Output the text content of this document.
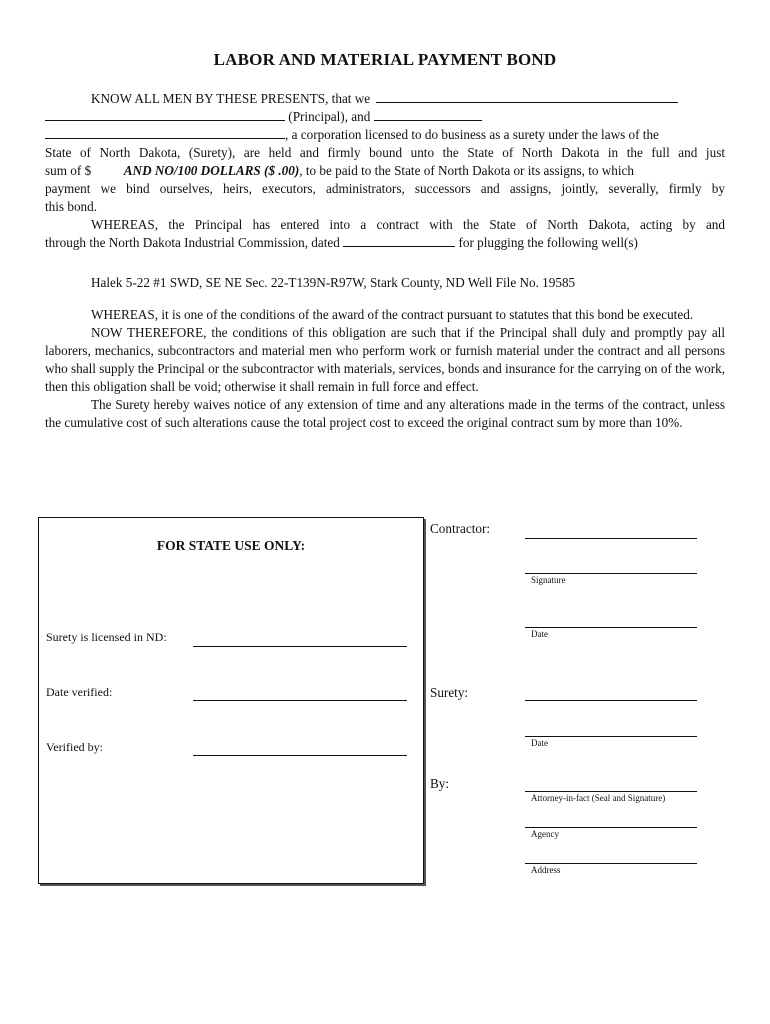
LABOR AND MATERIAL PAYMENT BOND
KNOW ALL MEN BY THESE PRESENTS, that we
(Principal), and
, a corporation licensed to do business as a surety under the laws of the
State of North Dakota, (Surety), are held and firmly bound unto the State of North Dakota in the full and just
sum of $ AND NO/100 DOLLARS ($ .00), to be paid to the State of North Dakota or its assigns, to which
payment we bind ourselves, heirs, executors, administrators, successors and assigns, jointly, severally, firmly by
this bond.
WHEREAS, the Principal has entered into a contract with the State of North Dakota, acting by and
through the North Dakota Industrial Commission, dated	for plugging the following well(s)

Halek 5-22 #1 SWD, SE NE Sec. 22-T139N-R97W, Stark County, ND Well File No. 19585

WHEREAS, it is one of the conditions of the award of the contract pursuant to statutes that this bond be executed.

NOW THEREFORE, the conditions of this obligation are such that if the Principal shall duly and promptly pay all laborers, mechanics, subcontractors and material men who perform work or furnish material under the contract and all persons who shall supply the Principal or the subcontractor with materials, services, bonds and insurance for the carrying on of the work, then this obligation shall be void; otherwise it shall remain in full force and effect.

The Surety hereby waives notice of any extension of time and any alterations made in the terms of the contract, unless the cumulative cost of such alterations cause the total project cost to exceed the original contract sum by more than 10%.

FOR STATE USE ONLY:
Surety is licensed in ND:
Date verified:
Verified by:
Contractor:
Signature
Date
Surety:
Date
By:
Attorney-in-fact (Seal and Signature)
Agency
Address
